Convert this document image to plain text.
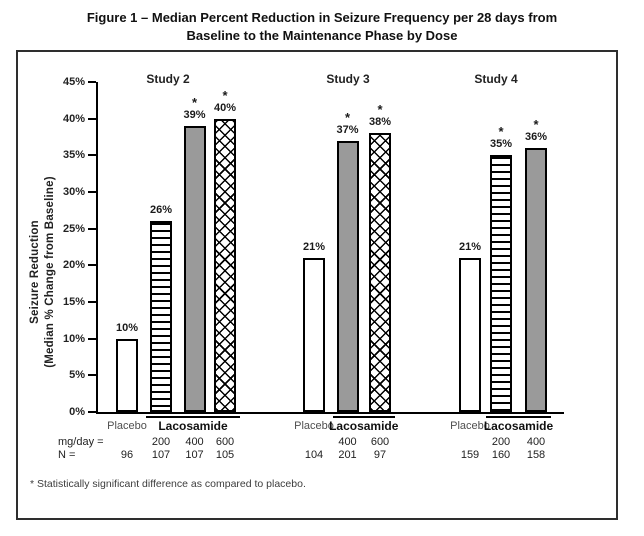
Figure 1 – Median Percent Reduction in Seizure Frequency per 28 days from
Baseline to the Maintenance Phase by Dose
Seizure Reduction (Median % Change from Baseline)
0%
5%
10%
15%
20%
25%
30%
35%
40%
45%	Study 2
10%
96
Placebo
26%
107
200
39%
*
107
400
40%
*
105
600
Lacosamide
Study 3
21%
104
Placebo
37%
*
201
400
38%
*
97
600
Lacosamide
Study 4
21%
159
Placebo
35%
*
160
200
36%
*
158
400
Lacosamide
mg/day =
N =
* Statistically significant difference as compared to placebo.
